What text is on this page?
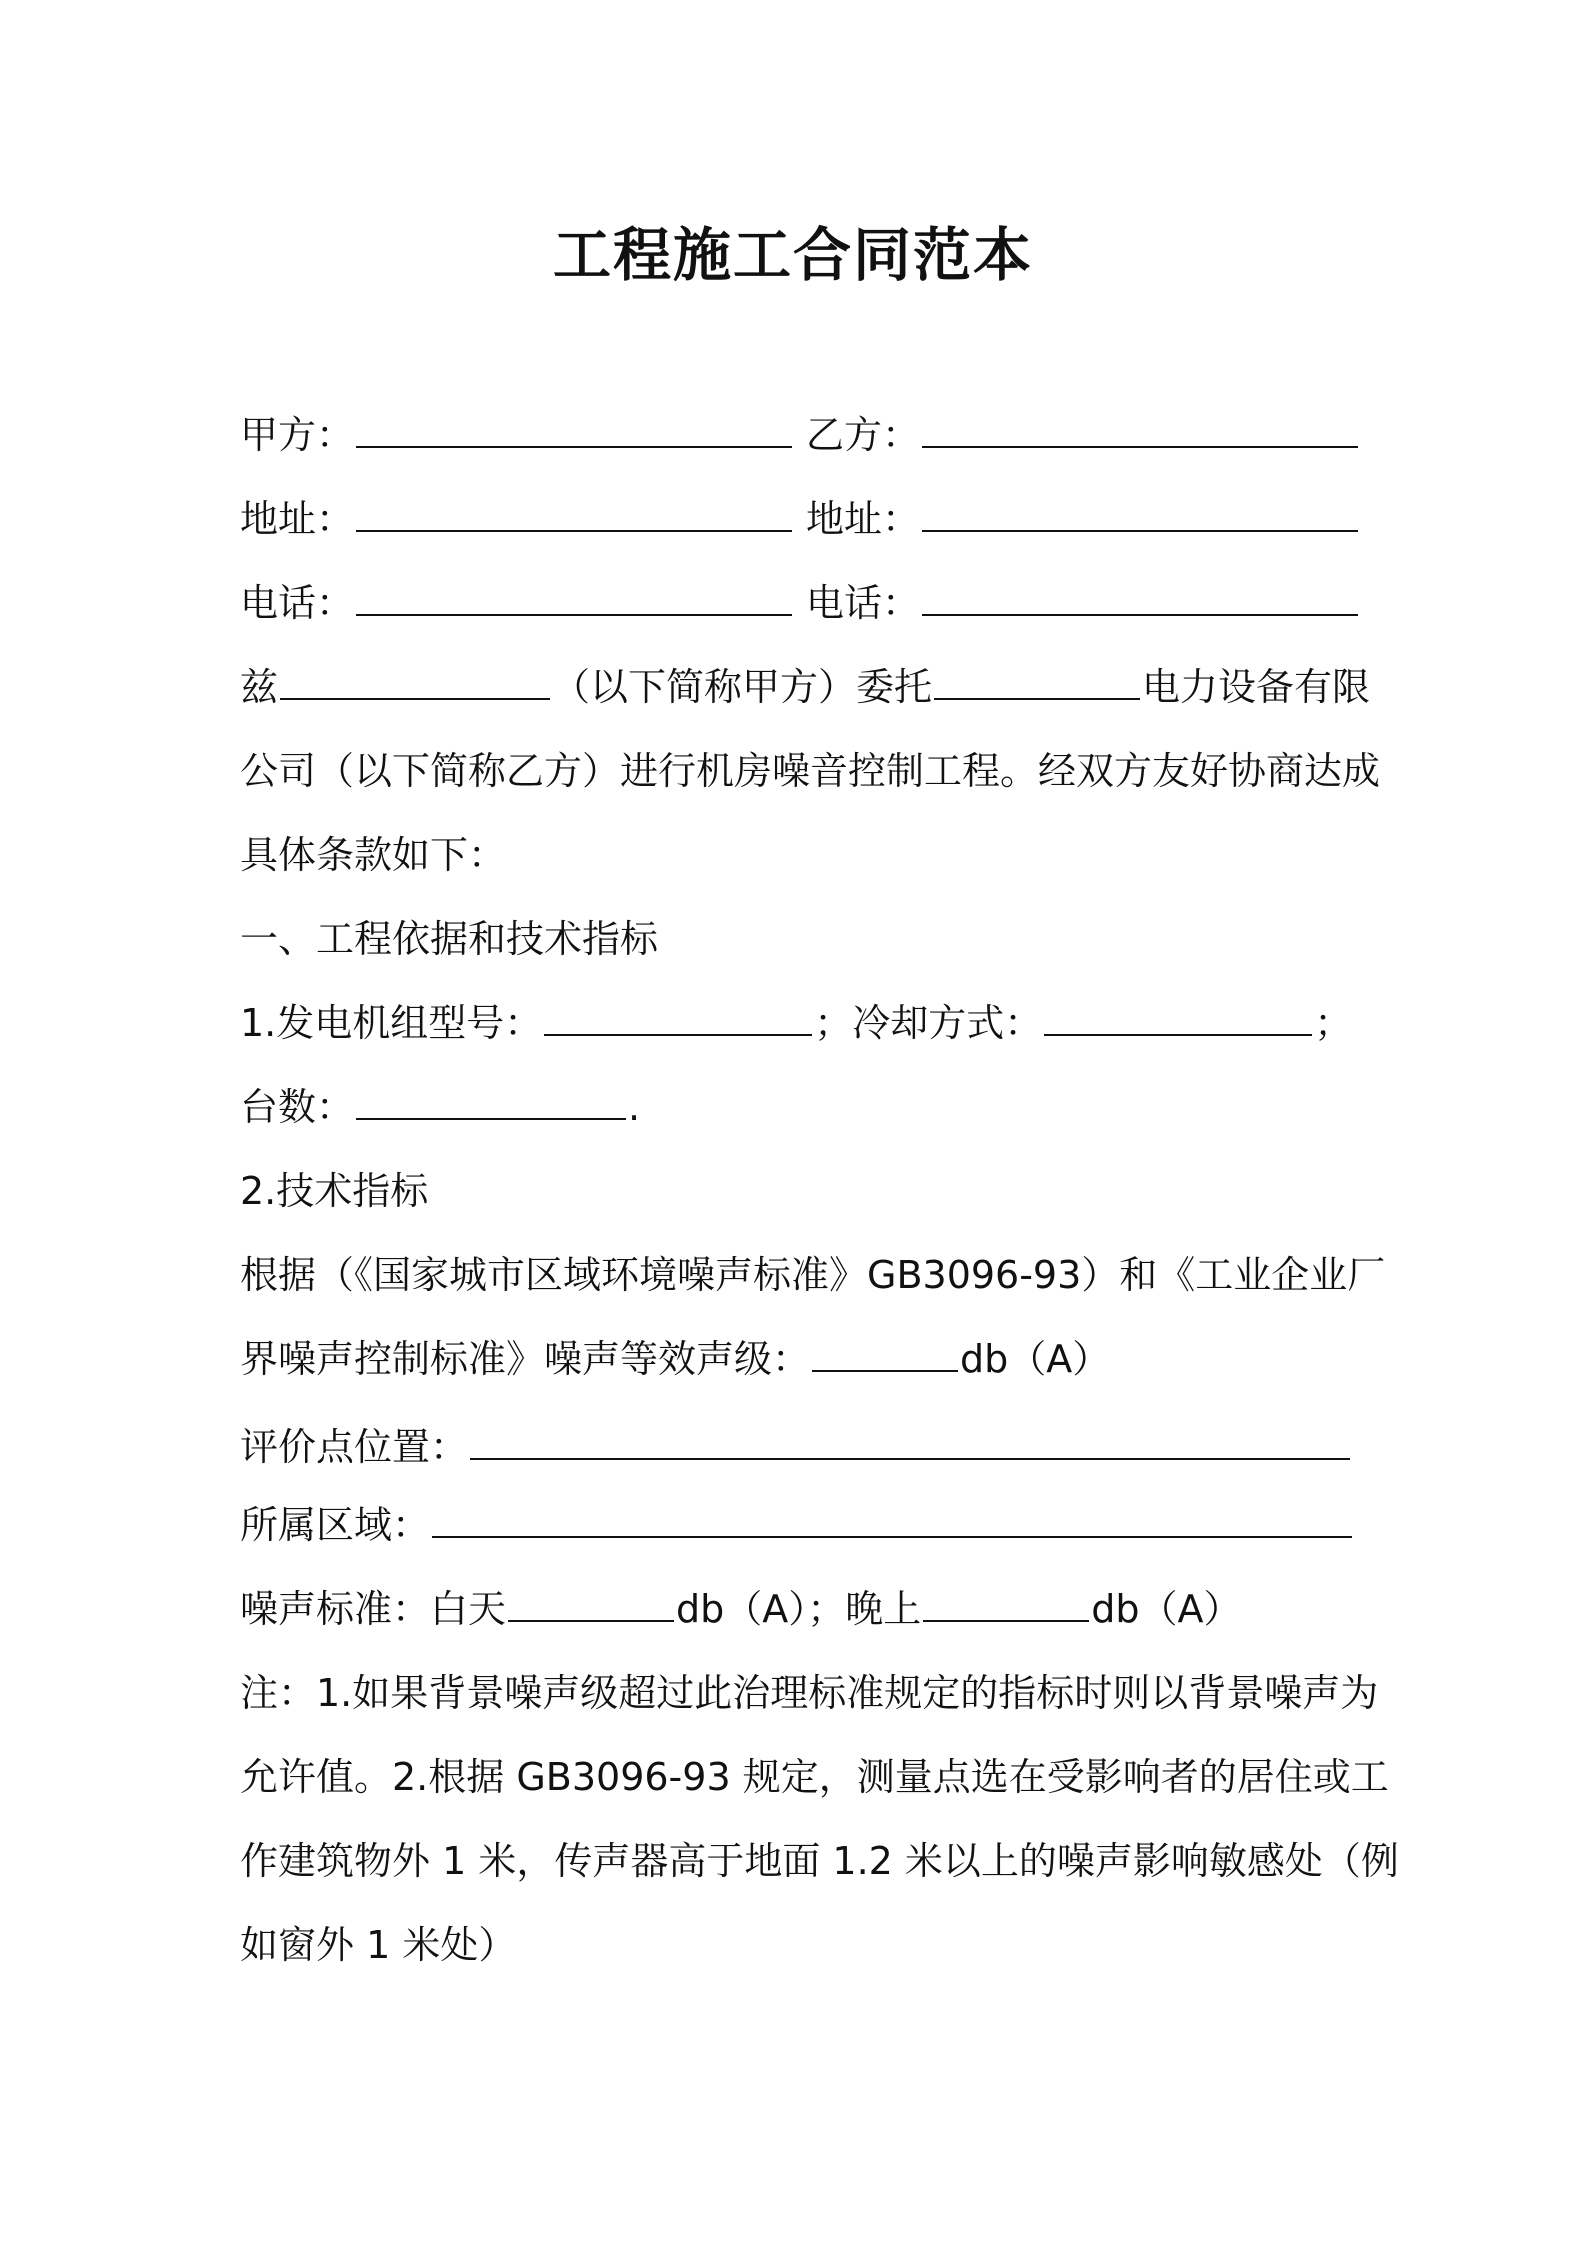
工程施工合同范本
甲方：	乙方：
地址：	地址：
电话：	电话：
兹	（以下简称甲方）委托	电力设备有限
公司（以下简称乙方）进行机房噪音控制工程。经双方友好协商达成
具体条款如下：
一、工程依据和技术指标
1.发电机组型号：	；冷却方式：	；
台数：	.
2.技术指标
根据（《国家城市区域环境噪声标准》GB3096-93）和《工业企业厂
界噪声控制标准》噪声等效声级：	db（A）
评价点位置：
所属区域：
噪声标准：白天	db（A）；晚上	db（A）
注：1.如果背景噪声级超过此治理标准规定的指标时则以背景噪声为
允许值。2.根据 GB3096-93 规定，测量点选在受影响者的居住或工
作建筑物外 1 米，传声器高于地面 1.2 米以上的噪声影响敏感处（例
如窗外 1 米处）
